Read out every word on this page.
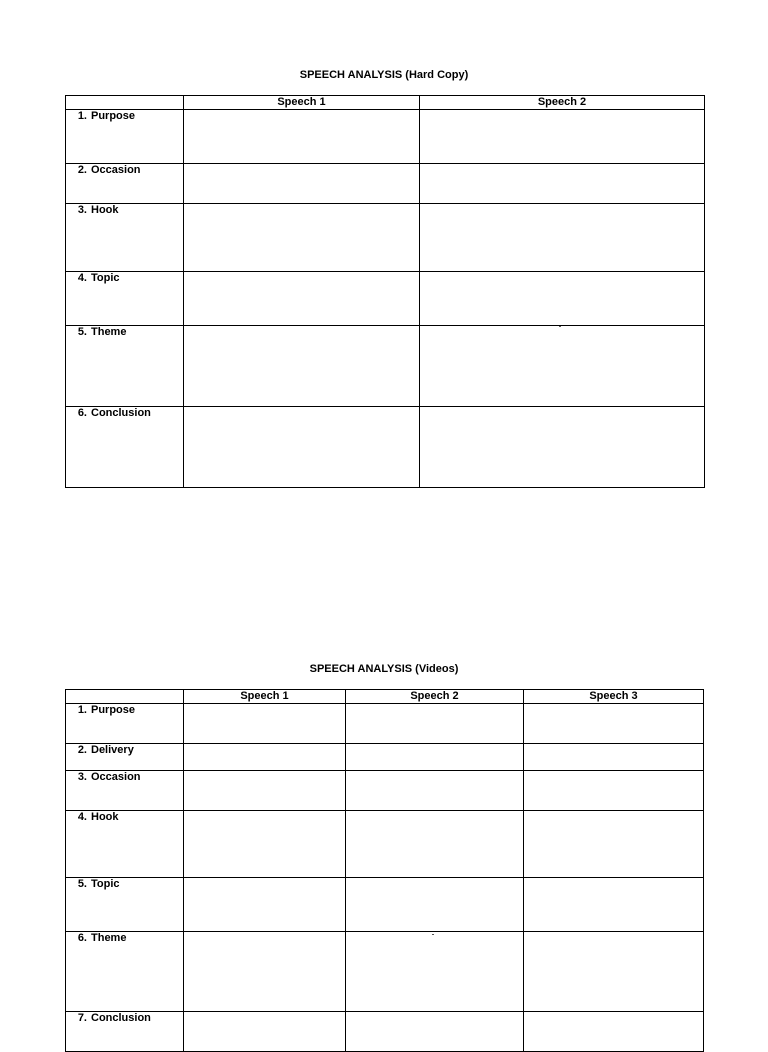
SPEECH ANALYSIS (Hard Copy)
	Speech 1	Speech 2
1. Purpose		
2. Occasion		
3. Hook		
4. Topic		
5. Theme		
6. Conclusion		
SPEECH ANALYSIS (Videos)
	Speech 1	Speech 2	Speech 3
1. Purpose			
2. Delivery			
3. Occasion			
4. Hook			
5. Topic			
6. Theme			
7. Conclusion			
